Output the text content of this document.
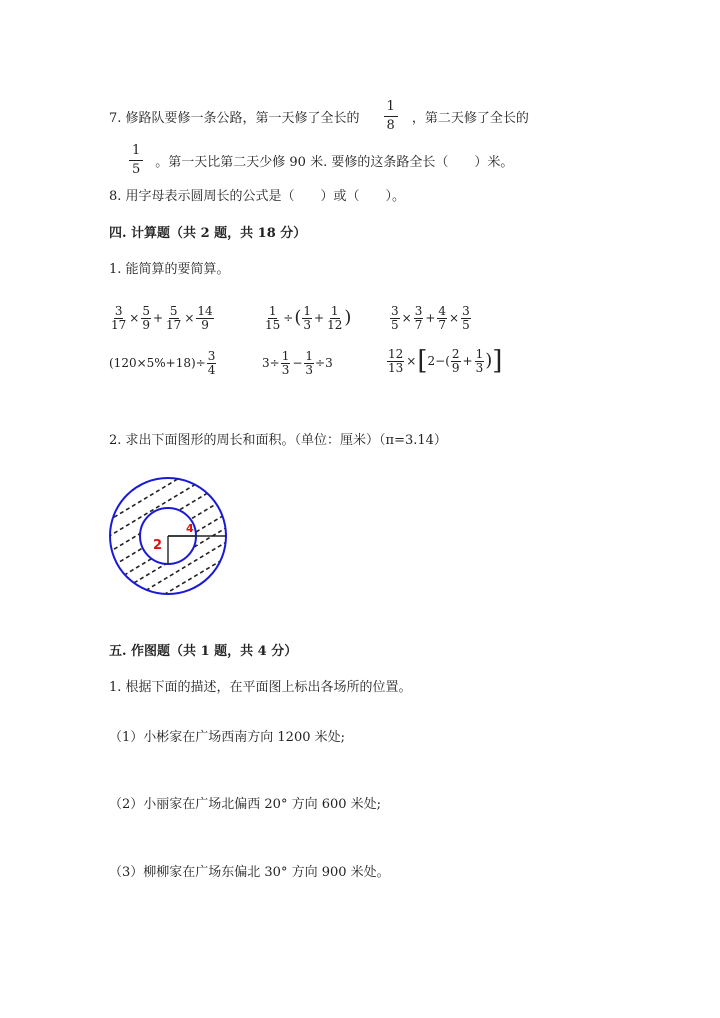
7. 修路队要修一条公路，第一天修了全长的 $\frac{1}{8}$ ，第二天修了全长的
$\frac{1}{5}$ 。第一天比第二天少修 90 米. 要修的这条路全长（　　）米。
8. 用字母表示圆周长的公式是（　　）或（　　）。
四. 计算题（共 2 题，共 18 分）
1. 能简算的要简算。
$\frac{3}{17} \times \frac{5}{9} + \frac{5}{17} \times \frac{14}{9}$	$\frac{1}{15}$ ÷ ( $\frac{1}{3} + \frac{1}{12}$ )	$\frac{3}{5} \times \frac{3}{7} + \frac{4}{7} \times \frac{3}{5}$
$(120\times 5\%+18)\div \frac{3}{4}$	$3\div \frac{1}{3} - \frac{1}{3} \div 3$	$\frac{12}{13}$ × [ $2-( \frac{2}{9} + \frac{1}{3}$ ) ]
2. 求出下面图形的周长和面积。（单位：厘米）（π=3.14）
2
4
五. 作图题（共 1 题，共 4 分）
1. 根据下面的描述，在平面图上标出各场所的位置。
（1）小彬家在广场西南方向 1200 米处;
（2）小丽家在广场北偏西 20° 方向 600 米处;
（3）柳柳家在广场东偏北 30° 方向 900 米处。
